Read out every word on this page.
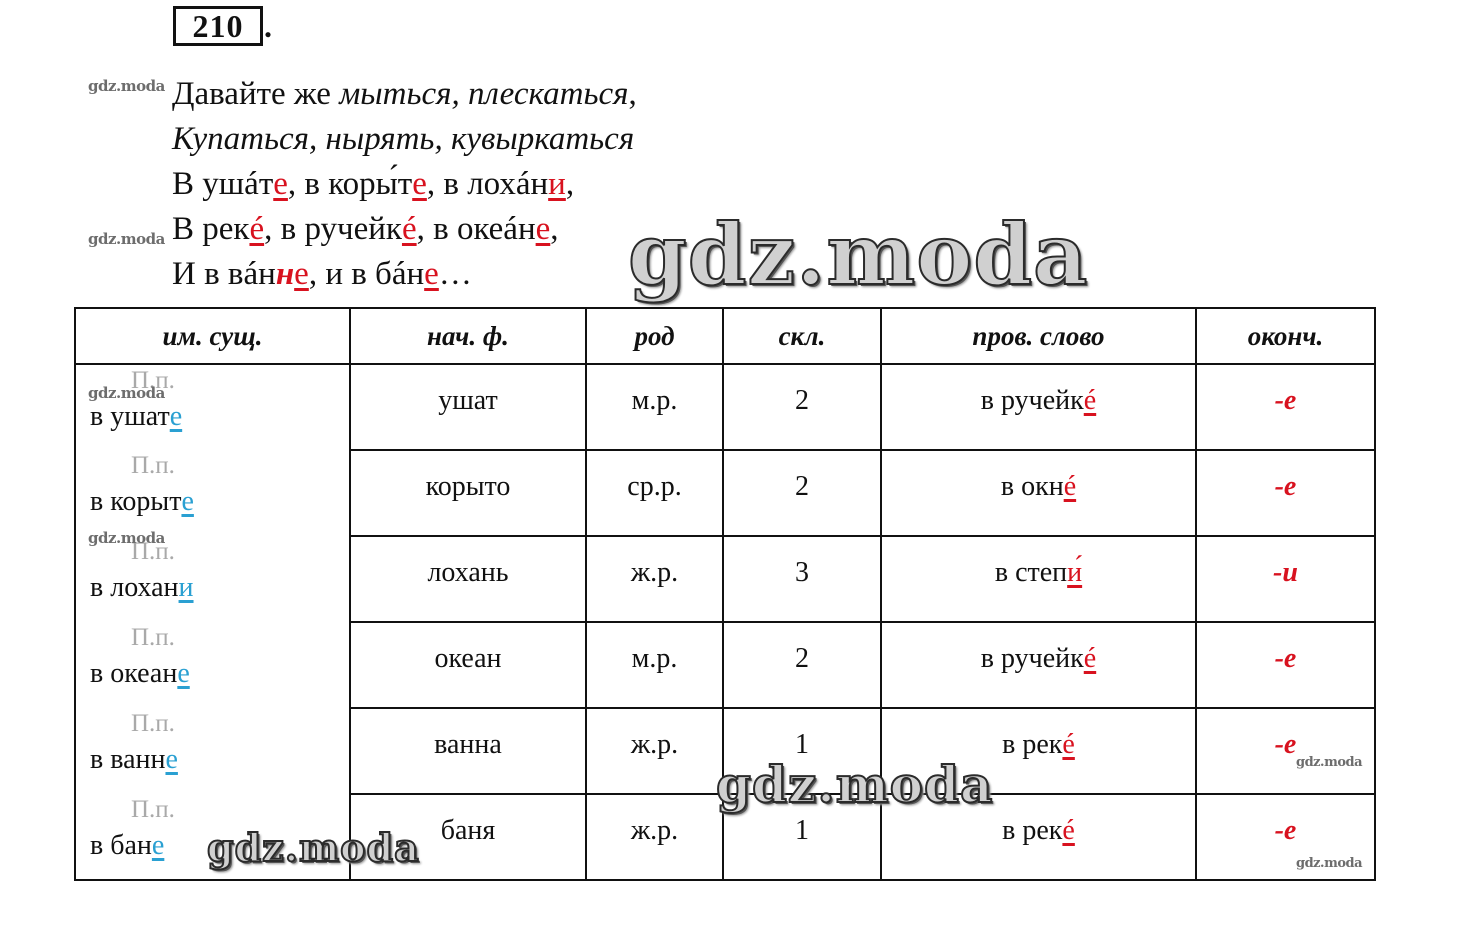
210 .
gdz.moda
gdz.moda
Давайте же мыться, плескаться,
Купаться, нырять, кувыркаться
В ушáте, в коры́те, в лохáни,
В рекé, в ручейкé, в океáне,
И в вáнне, и в бáне…	gdz.moda
им. сущ.	нач. ф.	род	скл.	пров. слово	оконч.

П.п.
в ушате	ушат	м.р.	2	в ручейкé	-е

П.п.
в корыте	корыто	ср.р.	2	в окнé	-е

П.п.
в лохани	лохань	ж.р.	3	в степи́	-и

П.п.
в океане	океан	м.р.	2	в ручейкé	-е

П.п.
в ванне	ванна	ж.р.	1	в рекé	-е

П.п.
в бане	баня	ж.р.	1	в рекé	-е
gdz.moda
gdz.moda
gdz.moda
gdz.moda
gdz.moda
gdz.moda
